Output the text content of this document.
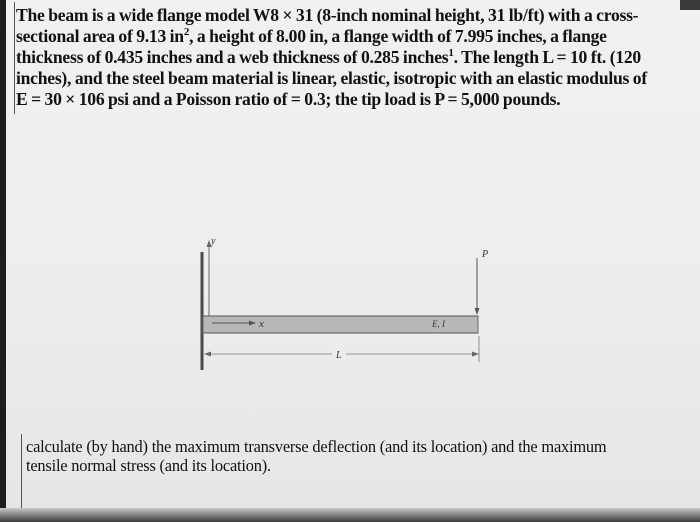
The beam is a wide flange model W8 × 31 (8-inch nominal height, 31 lb/ft) with a cross-
sectional area of 9.13 $in^2$, a height of 8.00 in, a flange width of 7.995 inches, a flange
thickness of 0.435 inches and a web thickness of 0.285 inches$^1$. The length L = 10 ft. (120
inches), and the steel beam material is linear, elastic, isotropic with an elastic modulus of
E = 30 × 106 psi and a Poisson ratio of = 0.3; the tip load is P = 5,000 pounds.
y
x	E, I
P
L
calculate (by hand) the maximum transverse deflection (and its location) and the maximum
tensile normal stress (and its location).
